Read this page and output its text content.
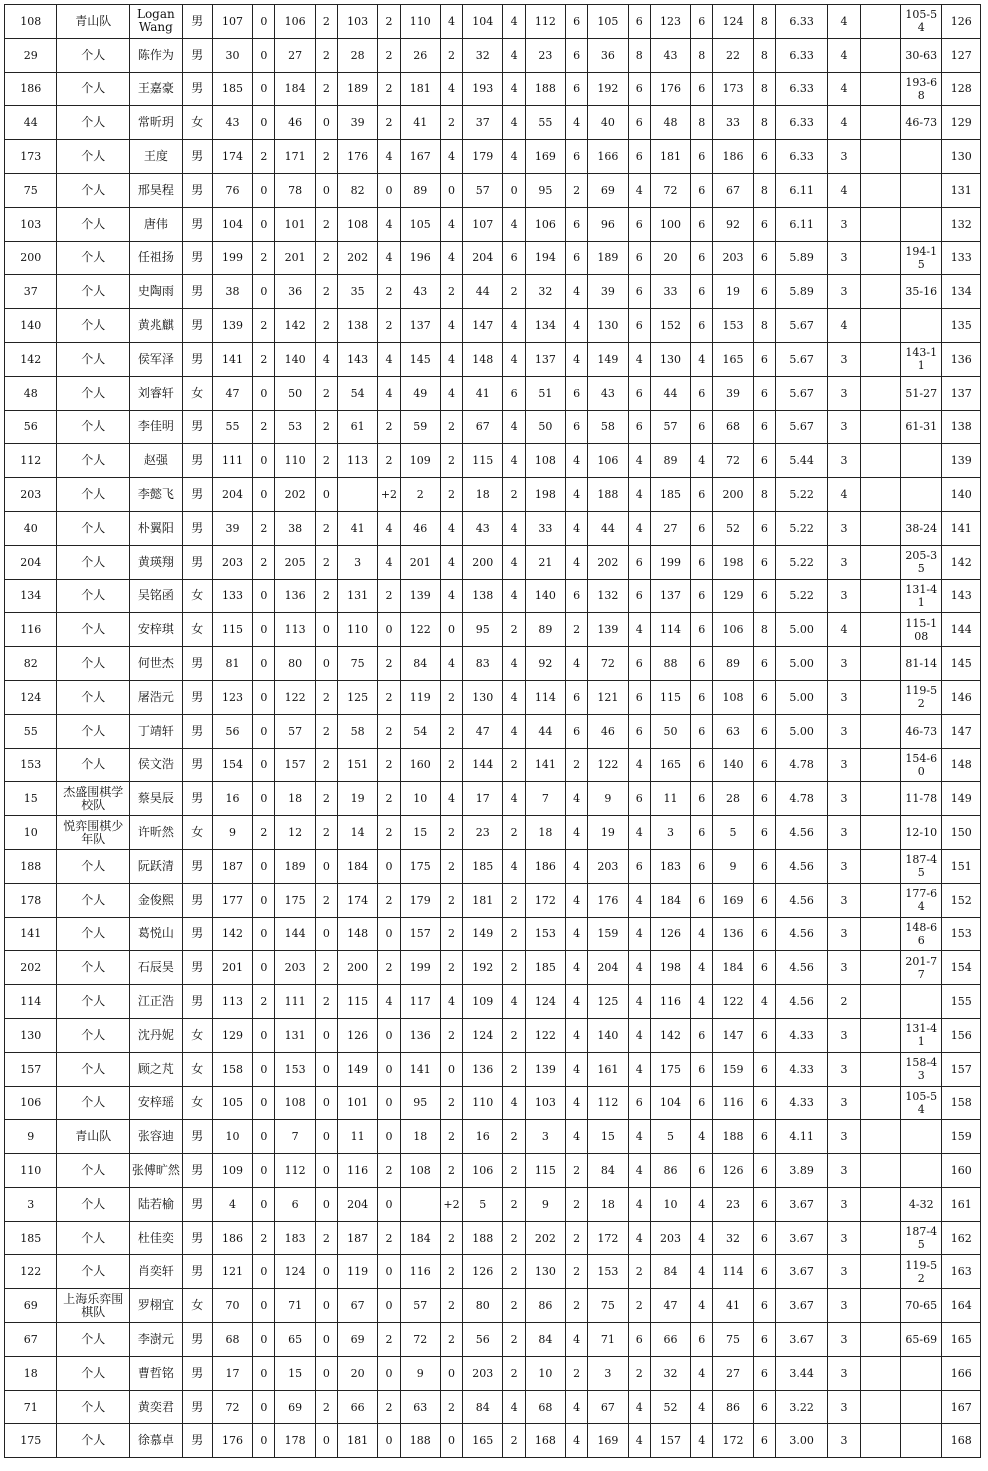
108	青山队	Logan Wang	男	107	0	106	2	103	2	110	4	104	4	112	6	105	6	123	6	124	8	6.33	4		105-54	126
29	个人	陈作为	男	30	0	27	2	28	2	26	2	32	4	23	6	36	8	43	8	22	8	6.33	4		30-63	127
186	个人	王嘉豪	男	185	0	184	2	189	2	181	4	193	4	188	6	192	6	176	6	173	8	6.33	4		193-68	128
44	个人	常昕玥	女	43	0	46	0	39	2	41	2	37	4	55	4	40	6	48	8	33	8	6.33	4		46-73	129
173	个人	王度	男	174	2	171	2	176	4	167	4	179	4	169	6	166	6	181	6	186	6	6.33	3			130
75	个人	邢昊程	男	76	0	78	0	82	0	89	0	57	0	95	2	69	4	72	6	67	8	6.11	4			131
103	个人	唐伟	男	104	0	101	2	108	4	105	4	107	4	106	6	96	6	100	6	92	6	6.11	3			132
200	个人	任祖扬	男	199	2	201	2	202	4	196	4	204	6	194	6	189	6	20	6	203	6	5.89	3		194-15	133
37	个人	史陶雨	男	38	0	36	2	35	2	43	2	44	2	32	4	39	6	33	6	19	6	5.89	3		35-16	134
140	个人	黄兆麒	男	139	2	142	2	138	2	137	4	147	4	134	4	130	6	152	6	153	8	5.67	4			135
142	个人	侯军泽	男	141	2	140	4	143	4	145	4	148	4	137	4	149	4	130	4	165	6	5.67	3		143-11	136
48	个人	刘睿轩	女	47	0	50	2	54	4	49	4	41	6	51	6	43	6	44	6	39	6	5.67	3		51-27	137
56	个人	李佳明	男	55	2	53	2	61	2	59	2	67	4	50	6	58	6	57	6	68	6	5.67	3		61-31	138
112	个人	赵强	男	111	0	110	2	113	2	109	2	115	4	108	4	106	4	89	4	72	6	5.44	3			139
203	个人	李懿飞	男	204	0	202	0		+2	2	2	18	2	198	4	188	4	185	6	200	8	5.22	4			140
40	个人	朴翼阳	男	39	2	38	2	41	4	46	4	43	4	33	4	44	4	27	6	52	6	5.22	3		38-24	141
204	个人	黄瑛翔	男	203	2	205	2	3	4	201	4	200	4	21	4	202	6	199	6	198	6	5.22	3		205-35	142
134	个人	吴铭函	女	133	0	136	2	131	2	139	4	138	4	140	6	132	6	137	6	129	6	5.22	3		131-41	143
116	个人	安梓琪	女	115	0	113	0	110	0	122	0	95	2	89	2	139	4	114	6	106	8	5.00	4		115-108	144
82	个人	何世杰	男	81	0	80	0	75	2	84	4	83	4	92	4	72	6	88	6	89	6	5.00	3		81-14	145
124	个人	屠浩元	男	123	0	122	2	125	2	119	2	130	4	114	6	121	6	115	6	108	6	5.00	3		119-52	146
55	个人	丁靖轩	男	56	0	57	2	58	2	54	2	47	4	44	6	46	6	50	6	63	6	5.00	3		46-73	147
153	个人	侯文浩	男	154	0	157	2	151	2	160	2	144	2	141	2	122	4	165	6	140	6	4.78	3		154-60	148
15	杰盛围棋学校队	蔡昊辰	男	16	0	18	2	19	2	10	4	17	4	7	4	9	6	11	6	28	6	4.78	3		11-78	149
10	悦弈围棋少年队	许昕然	女	9	2	12	2	14	2	15	2	23	2	18	4	19	4	3	6	5	6	4.56	3		12-10	150
188	个人	阮跃清	男	187	0	189	0	184	0	175	2	185	4	186	4	203	6	183	6	9	6	4.56	3		187-45	151
178	个人	金俊熙	男	177	0	175	2	174	2	179	2	181	2	172	4	176	4	184	6	169	6	4.56	3		177-64	152
141	个人	葛悦山	男	142	0	144	0	148	0	157	2	149	2	153	4	159	4	126	4	136	6	4.56	3		148-66	153
202	个人	石辰昊	男	201	0	203	2	200	2	199	2	192	2	185	4	204	4	198	4	184	6	4.56	3		201-77	154
114	个人	江正浩	男	113	2	111	2	115	4	117	4	109	4	124	4	125	4	116	4	122	4	4.56	2			155
130	个人	沈丹妮	女	129	0	131	0	126	0	136	2	124	2	122	4	140	4	142	6	147	6	4.33	3		131-41	156
157	个人	顾之芃	女	158	0	153	0	149	0	141	0	136	2	139	4	161	4	175	6	159	6	4.33	3		158-43	157
106	个人	安梓瑶	女	105	0	108	0	101	0	95	2	110	4	103	4	112	6	104	6	116	6	4.33	3		105-54	158
9	青山队	张容迪	男	10	0	7	0	11	0	18	2	16	2	3	4	15	4	5	4	188	6	4.11	3			159
110	个人	张傅旷然	男	109	0	112	0	116	2	108	2	106	2	115	2	84	4	86	6	126	6	3.89	3			160
3	个人	陆若榆	男	4	0	6	0	204	0		+2	5	2	9	2	18	4	10	4	23	6	3.67	3		4-32	161
185	个人	杜佳奕	男	186	2	183	2	187	2	184	2	188	2	202	2	172	4	203	4	32	6	3.67	3		187-45	162
122	个人	肖奕轩	男	121	0	124	0	119	0	116	2	126	2	130	2	153	2	84	4	114	6	3.67	3		119-52	163
69	上海乐弈围棋队	罗栩宜	女	70	0	71	0	67	0	57	2	80	2	86	2	75	2	47	4	41	6	3.67	3		70-65	164
67	个人	李澍元	男	68	0	65	0	69	2	72	2	56	2	84	4	71	6	66	6	75	6	3.67	3		65-69	165
18	个人	曹哲铭	男	17	0	15	0	20	0	9	0	203	2	10	2	3	2	32	4	27	6	3.44	3			166
71	个人	黄奕君	男	72	0	69	2	66	2	63	2	84	4	68	4	67	4	52	4	86	6	3.22	3			167
175	个人	徐慕卓	男	176	0	178	0	181	0	188	0	165	2	168	4	169	4	157	4	172	6	3.00	3			168
